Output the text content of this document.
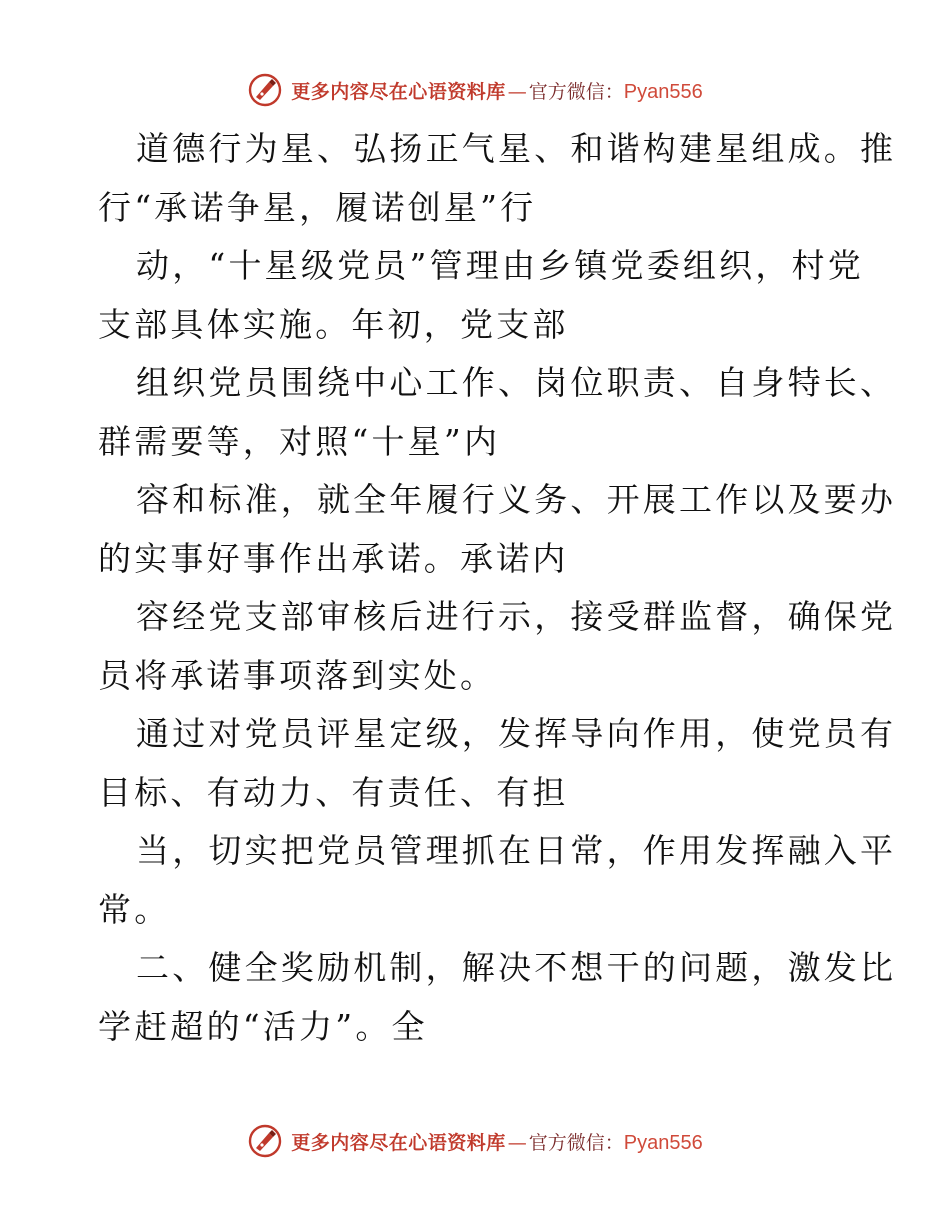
更多内容尽在心语资料库 — 官方微信： Pyan556
道德行为星、弘扬正气星、和谐构建星组成。推
行“承诺争星，履诺创星”行
动，“十星级党员”管理由乡镇党委组织，村党
支部具体实施。年初，党支部
组织党员围绕中心工作、岗位职责、自身特长、
群需要等，对照“十星”内
容和标准，就全年履行义务、开展工作以及要办
的实事好事作出承诺。承诺内
容经党支部审核后进行示，接受群监督，确保党
员将承诺事项落到实处。
通过对党员评星定级，发挥导向作用，使党员有
目标、有动力、有责任、有担
当，切实把党员管理抓在日常，作用发挥融入平
常。
二、健全奖励机制，解决不想干的问题，激发比
学赶超的“活力”。全
更多内容尽在心语资料库 — 官方微信： Pyan556
